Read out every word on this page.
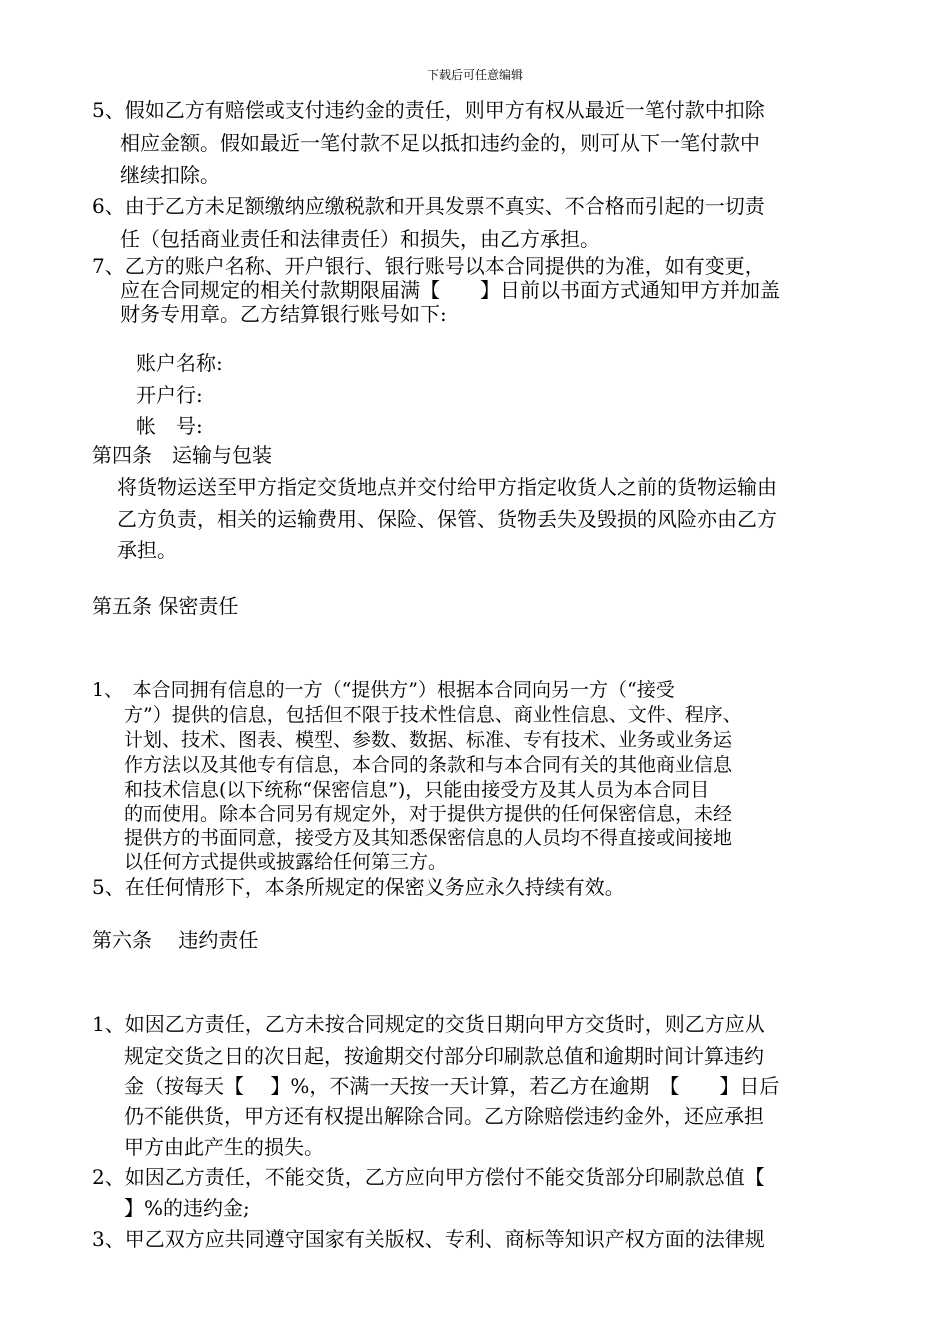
下载后可任意编辑
5、假如乙方有赔偿或支付违约金的责任，则甲方有权从最近一笔付款中扣除
相应金额。假如最近一笔付款不足以抵扣违约金的，则可从下一笔付款中
继续扣除。
6、由于乙方未足额缴纳应缴税款和开具发票不真实、不合格而引起的一切责
任（包括商业责任和法律责任）和损失，由乙方承担。
7、乙方的账户名称、开户银行、银行账号以本合同提供的为准，如有变更，
应在合同规定的相关付款期限届满【　　】日前以书面方式通知甲方并加盖
财务专用章。乙方结算银行账号如下:
账户名称:
开户行:
帐　号:
第四条　运输与包装
将货物运送至甲方指定交货地点并交付给甲方指定收货人之前的货物运输由
乙方负责，相关的运输费用、保险、保管、货物丢失及毁损的风险亦由乙方
承担。
第五条 保密责任
1、　本合同拥有信息的一方（“提供方”）根据本合同向另一方（“接受
方”）提供的信息，包括但不限于技术性信息、商业性信息、文件、程序、
计划、技术、图表、模型、参数、数据、标准、专有技术、业务或业务运
作方法以及其他专有信息，本合同的条款和与本合同有关的其他商业信息
和技术信息(以下统称“保密信息”)，只能由接受方及其人员为本合同目
的而使用。除本合同另有规定外，对于提供方提供的任何保密信息，未经
提供方的书面同意，接受方及其知悉保密信息的人员均不得直接或间接地
以任何方式提供或披露给任何第三方。
5、在任何情形下，本条所规定的保密义务应永久持续有效。
第六条　 违约责任
1、如因乙方责任，乙方未按合同规定的交货日期向甲方交货时，则乙方应从
规定交货之日的次日起，按逾期交付部分印刷款总值和逾期时间计算违约
金（按每天【　 】%，不满一天按一天计算，若乙方在逾期　【　　】日后
仍不能供货，甲方还有权提出解除合同。乙方除赔偿违约金外，还应承担
甲方由此产生的损失。
2、如因乙方责任，不能交货，乙方应向甲方偿付不能交货部分印刷款总值【
】%的违约金;
3、甲乙双方应共同遵守国家有关版权、专利、商标等知识产权方面的法律规
